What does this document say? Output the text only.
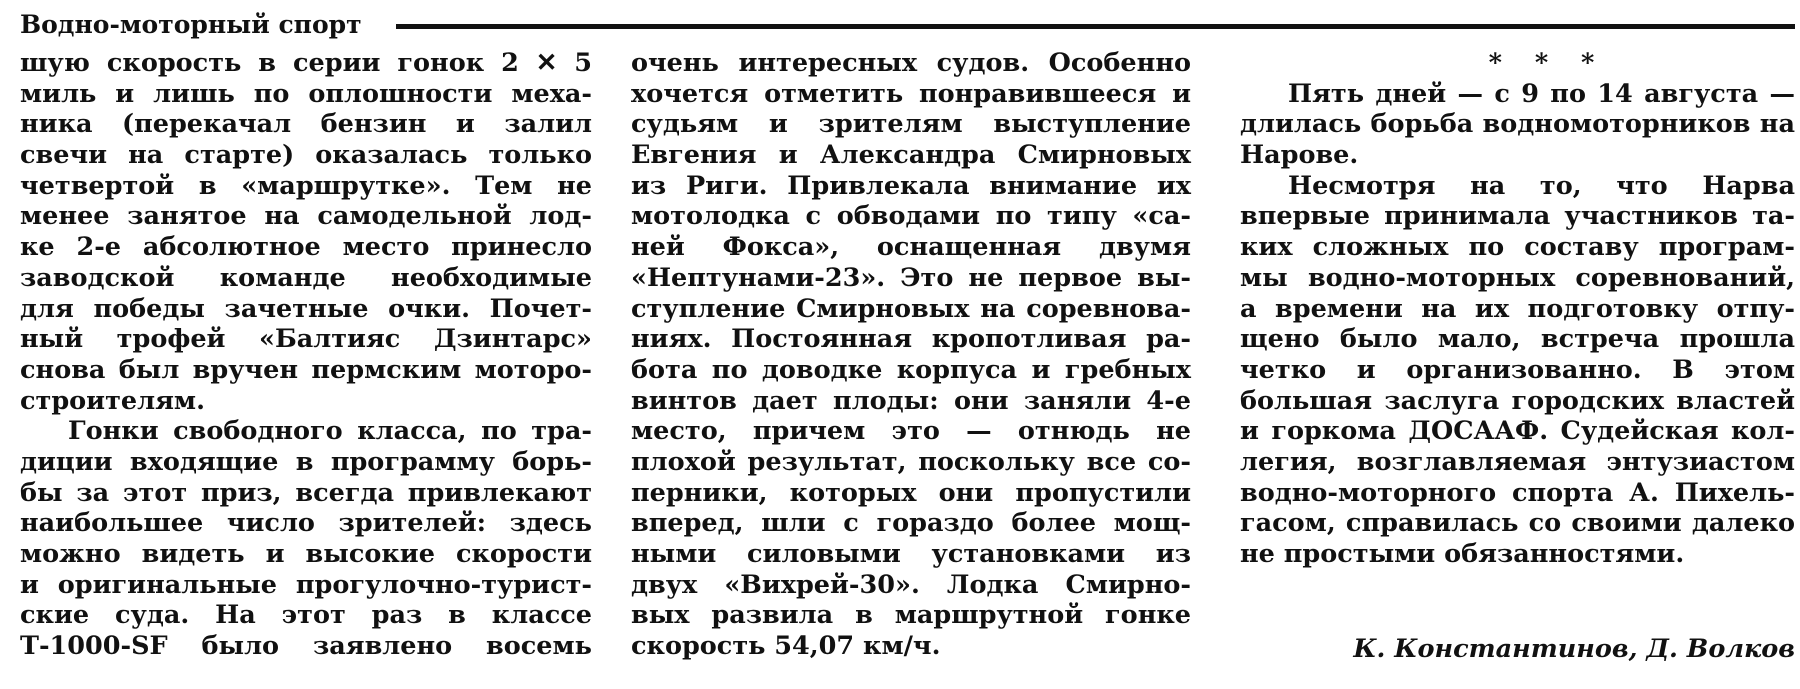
Водно-моторный спорт
шую скорость в серии гонок 2 ✕ 5
миль и лишь по оплошности меха-
ника (перекачал бензин и залил
свечи на старте) оказалась только
четвертой в «маршрутке». Тем не
менее занятое на самодельной лод-
ке 2-е абсолютное место принесло
заводской команде необходимые
для победы зачетные очки. Почет-
ный трофей «Балтияс Дзинтарс»
снова был вручен пермским моторо-
строителям.
Гонки свободного класса, по тра-
диции входящие в программу борь-
бы за этот приз, всегда привлекают
наибольшее число зрителей: здесь
можно видеть и высокие скорости
и оригинальные прогулочно-турист-
ские суда. На этот раз в классе
Т-1000-SF было заявлено восемь
очень интересных судов. Особенно
хочется отметить понравившееся и
судьям и зрителям выступление
Евгения и Александра Смирновых
из Риги. Привлекала внимание их
мотолодка с обводами по типу «са-
ней Фокса», оснащенная двумя
«Нептунами-23». Это не первое вы-
ступление Смирновых на соревнова-
ниях. Постоянная кропотливая ра-
бота по доводке корпуса и гребных
винтов дает плоды: они заняли 4-е
место, причем это — отнюдь не
плохой результат, поскольку все со-
перники, которых они пропустили
вперед, шли с гораздо более мощ-
ными силовыми установками из
двух «Вихрей-30». Лодка Смирно-
вых развила в маршрутной гонке
скорость 54,07 км/ч.
* * *
Пять дней — с 9 по 14 августа —
длилась борьба водномоторников на
Нарове.
Несмотря на то, что Нарва
впервые принимала участников та-
ких сложных по составу програм-
мы водно-моторных соревнований,
а времени на их подготовку отпу-
щено было мало, встреча прошла
четко и организованно. В этом
большая заслуга городских властей
и горкома ДОСААФ. Судейская кол-
легия, возглавляемая энтузиастом
водно-моторного спорта А. Пихель-
гасом, справилась со своими далеко
не простыми обязанностями.
К. Константинов, Д. Волков
